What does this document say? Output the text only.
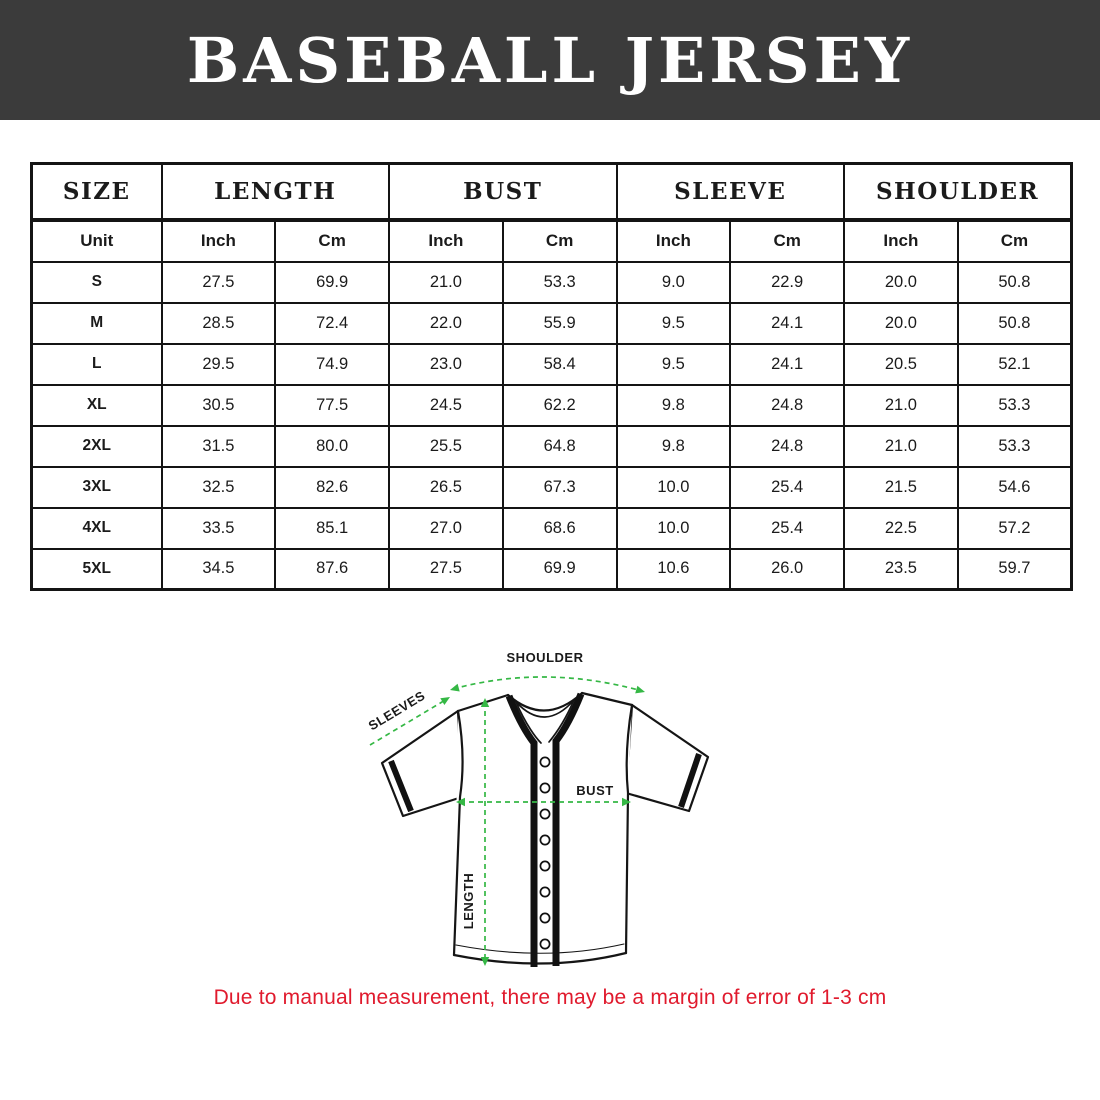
BASEBALL JERSEY
SIZE	LENGTH		BUST		SLEEVE		SHOULDER	
Unit	Inch	Cm	Inch	Cm	Inch	Cm	Inch	Cm
S	27.5	69.9	21.0	53.3	9.0	22.9	20.0	50.8
M	28.5	72.4	22.0	55.9	9.5	24.1	20.0	50.8
L	29.5	74.9	23.0	58.4	9.5	24.1	20.5	52.1
XL	30.5	77.5	24.5	62.2	9.8	24.8	21.0	53.3
2XL	31.5	80.0	25.5	64.8	9.8	24.8	21.0	53.3
3XL	32.5	82.6	26.5	67.3	10.0	25.4	21.5	54.6
4XL	33.5	85.1	27.0	68.6	10.0	25.4	22.5	57.2
5XL	34.5	87.6	27.5	69.9	10.6	26.0	23.5	59.7
SHOULDER
SLEEVES
BUST
LENGTH

Due to manual measurement, there may be a margin of error of 1-3 cm
